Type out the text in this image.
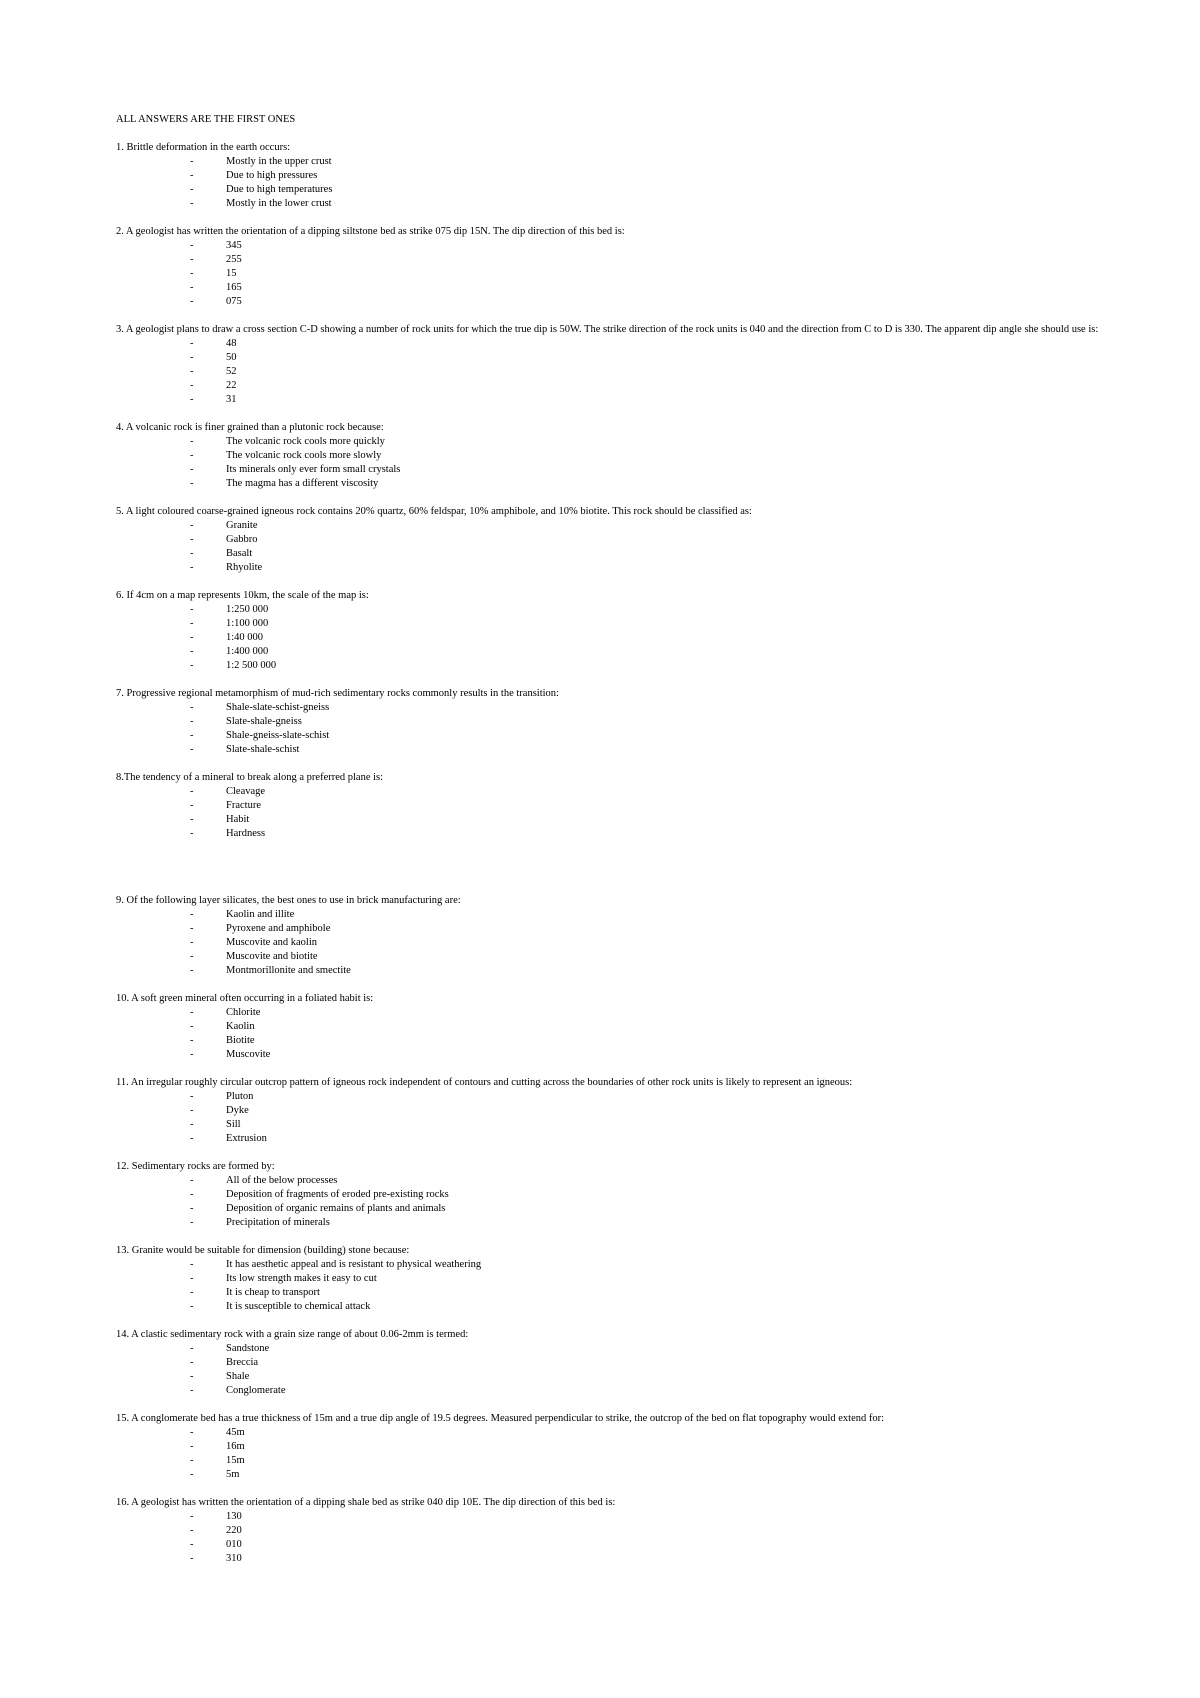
ALL ANSWERS ARE THE FIRST ONES

1. Brittle deformation in the earth occurs:

-	Mostly in the upper crust
-	Due to high pressures
-	Due to high temperatures
-	Mostly in the lower crust

2. A geologist has written the orientation of a dipping siltstone bed as strike 075 dip 15N. The dip direction of this bed is:

-	345
-	255
-	15
-	165
-	075

3. A geologist plans to draw a cross section C-D showing a number of rock units for which the true dip is 50W. The strike direction of the rock units is 040 and the direction from C to D is 330. The apparent dip angle she should use is:

-	48
-	50
-	52
-	22
-	31

4. A volcanic rock is finer grained than a plutonic rock because:

-	The volcanic rock cools more quickly
-	The volcanic rock cools more slowly
-	Its minerals only ever form small crystals
-	The magma has a different viscosity

5. A light coloured coarse-grained igneous rock contains 20% quartz, 60% feldspar, 10% amphibole, and 10% biotite. This rock should be classified as:

-	Granite
-	Gabbro
-	Basalt
-	Rhyolite

6. If 4cm on a map represents 10km, the scale of the map is:

-	1:250 000
-	1:100 000
-	1:40 000
-	1:400 000
-	1:2 500 000

7. Progressive regional metamorphism of mud-rich sedimentary rocks commonly results in the transition:

-	Shale-slate-schist-gneiss
-	Slate-shale-gneiss
-	Shale-gneiss-slate-schist
-	Slate-shale-schist

8.The tendency of a mineral to break along a preferred plane is:

-	Cleavage
-	Fracture
-	Habit
-	Hardness

9. Of the following layer silicates, the best ones to use in brick manufacturing are:

-	Kaolin and illite
-	Pyroxene and amphibole
-	Muscovite and kaolin
-	Muscovite and biotite
-	Montmorillonite and smectite

10. A soft green mineral often occurring in a foliated habit is:

-	Chlorite
-	Kaolin
-	Biotite
-	Muscovite

11. An irregular roughly circular outcrop pattern of igneous rock independent of contours and cutting across the boundaries of other rock units is likely to represent an igneous:

-	Pluton
-	Dyke
-	Sill
-	Extrusion

12. Sedimentary rocks are formed by:

-	All of the below processes
-	Deposition of fragments of eroded pre-existing rocks
-	Deposition of organic remains of plants and animals
-	Precipitation of minerals

13. Granite would be suitable for dimension (building) stone because:

-	It has aesthetic appeal and is resistant to physical weathering
-	Its low strength makes it easy to cut
-	It is cheap to transport
-	It is susceptible to chemical attack

14. A clastic sedimentary rock with a grain size range of about 0.06-2mm is termed:

-	Sandstone
-	Breccia
-	Shale
-	Conglomerate

15. A conglomerate bed has a true thickness of 15m and a true dip angle of 19.5 degrees. Measured perpendicular to strike, the outcrop of the bed on flat topography would extend for:

-	45m
-	16m
-	15m
-	5m

16. A geologist has written the orientation of a dipping shale bed as strike 040 dip 10E. The dip direction of this bed is:

-	130
-	220
-	010
-	310
